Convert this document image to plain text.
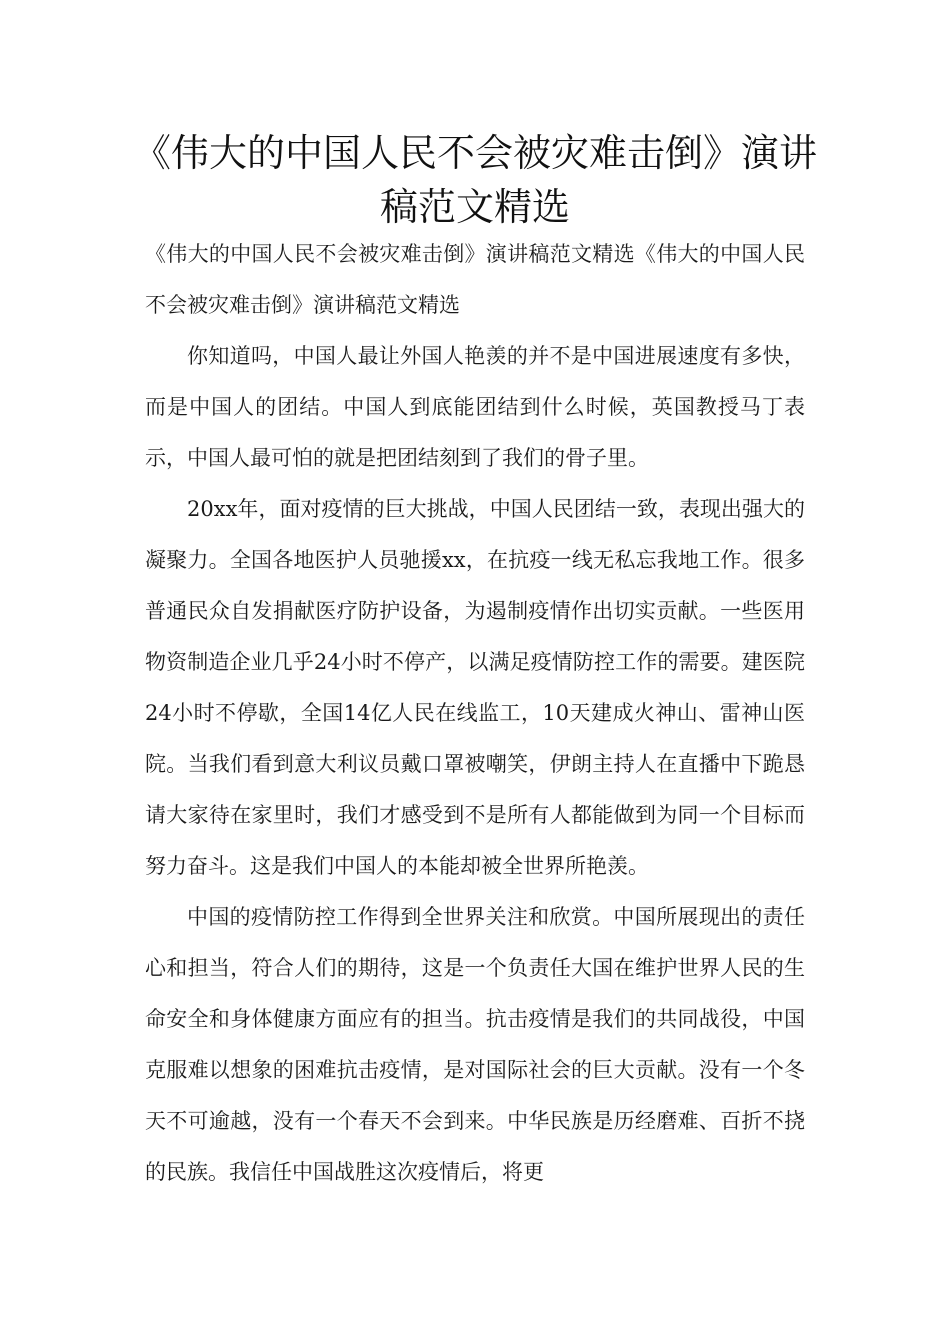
《伟大的中国人民不会被灾难击倒》演讲稿范文精选

《伟大的中国人民不会被灾难击倒》演讲稿范文精选《伟大的中国人民不会被灾难击倒》演讲稿范文精选

你知道吗，中国人最让外国人艳羡的并不是中国进展速度有多快，而是中国人的团结。中国人到底能团结到什么时候，英国教授马丁表示，中国人最可怕的就是把团结刻到了我们的骨子里。

20xx年，面对疫情的巨大挑战，中国人民团结一致，表现出强大的凝聚力。全国各地医护人员驰援xx，在抗疫一线无私忘我地工作。很多普通民众自发捐献医疗防护设备，为遏制疫情作出切实贡献。一些医用物资制造企业几乎24小时不停产，以满足疫情防控工作的需要。建医院24小时不停歇，全国14亿人民在线监工，10天建成火神山、雷神山医院。当我们看到意大利议员戴口罩被嘲笑，伊朗主持人在直播中下跪恳请大家待在家里时，我们才感受到不是所有人都能做到为同一个目标而努力奋斗。这是我们中国人的本能却被全世界所艳羡。

中国的疫情防控工作得到全世界关注和欣赏。中国所展现出的责任心和担当，符合人们的期待，这是一个负责任大国在维护世界人民的生命安全和身体健康方面应有的担当。抗击疫情是我们的共同战役，中国克服难以想象的困难抗击疫情，是对国际社会的巨大贡献。没有一个冬天不可逾越，没有一个春天不会到来。中华民族是历经磨难、百折不挠的民族。我信任中国战胜这次疫情后，将更
